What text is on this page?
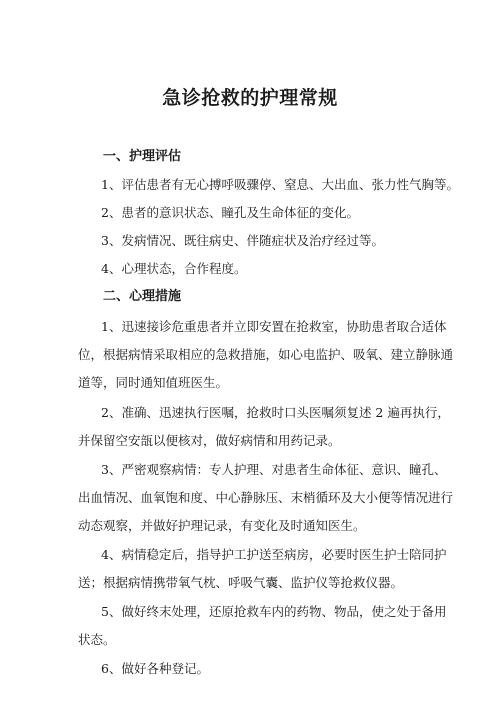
急诊抢救的护理常规
一、护理评估
1、评估患者有无心搏呼吸骤停、窒息、大出血、张力性气胸等。
2、患者的意识状态、瞳孔及生命体征的变化。
3、发病情况、既往病史、伴随症状及治疗经过等。
4、心理状态，合作程度。
二、心理措施
1、迅速接诊危重患者并立即安置在抢救室，协助患者取合适体
位，根据病情采取相应的急救措施，如心电监护、吸氧、建立静脉通
道等，同时通知值班医生。
2、准确、迅速执行医嘱，抢救时口头医嘱须复述 2 遍再执行，
并保留空安瓿以便核对，做好病情和用药记录。
3、严密观察病情：专人护理、对患者生命体征、意识、瞳孔、
出血情况、血氧饱和度、中心静脉压、末梢循环及大小便等情况进行
动态观察，并做好护理记录，有变化及时通知医生。
4、病情稳定后，指导护工护送至病房，必要时医生护士陪同护
送；根据病情携带氧气枕、呼吸气囊、监护仪等抢救仪器。
5、做好终末处理，还原抢救车内的药物、物品，使之处于备用
状态。
6、做好各种登记。
